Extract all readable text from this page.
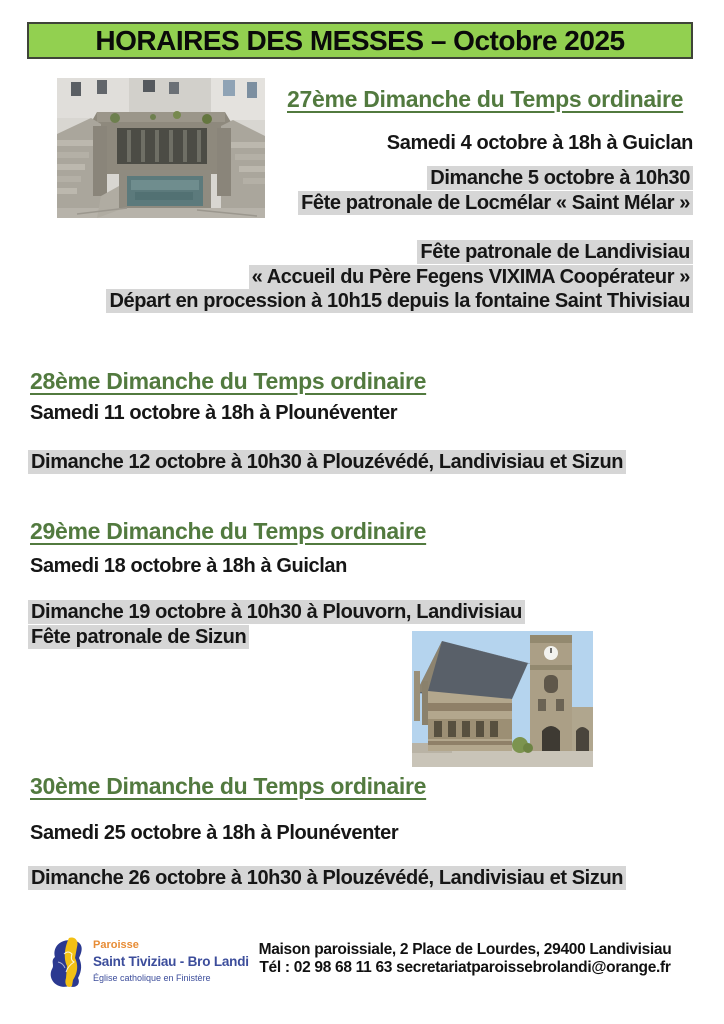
HORAIRES DES MESSES – Octobre 2025
27ème Dimanche du Temps ordinaire
Samedi 4 octobre à 18h à Guiclan
Dimanche 5 octobre à 10h30
Fête patronale de Locmélar « Saint Mélar »
Fête patronale de Landivisiau
« Accueil du Père Fegens VIXIMA Coopérateur »
Départ en procession à 10h15 depuis la fontaine Saint Thivisiau
28ème Dimanche du Temps ordinaire
Samedi 11 octobre à 18h à Plounéventer
Dimanche 12 octobre à 10h30 à Plouzévédé, Landivisiau et Sizun
29ème Dimanche du Temps ordinaire
Samedi 18 octobre à 18h à Guiclan
Dimanche 19 octobre à 10h30 à Plouvorn, Landivisiau
Fête patronale de Sizun
30ème Dimanche du Temps ordinaire
Samedi 25 octobre à 18h à Plounéventer
Dimanche 26 octobre à 10h30 à Plouzévédé, Landivisiau et Sizun
Paroisse
Saint Tiviziau - Bro Landi
Église catholique en Finistère
Maison paroissiale, 2 Place de Lourdes, 29400 Landivisiau
Tél : 02 98 68 11 63 secretariatparoissebrolandi@orange.fr
